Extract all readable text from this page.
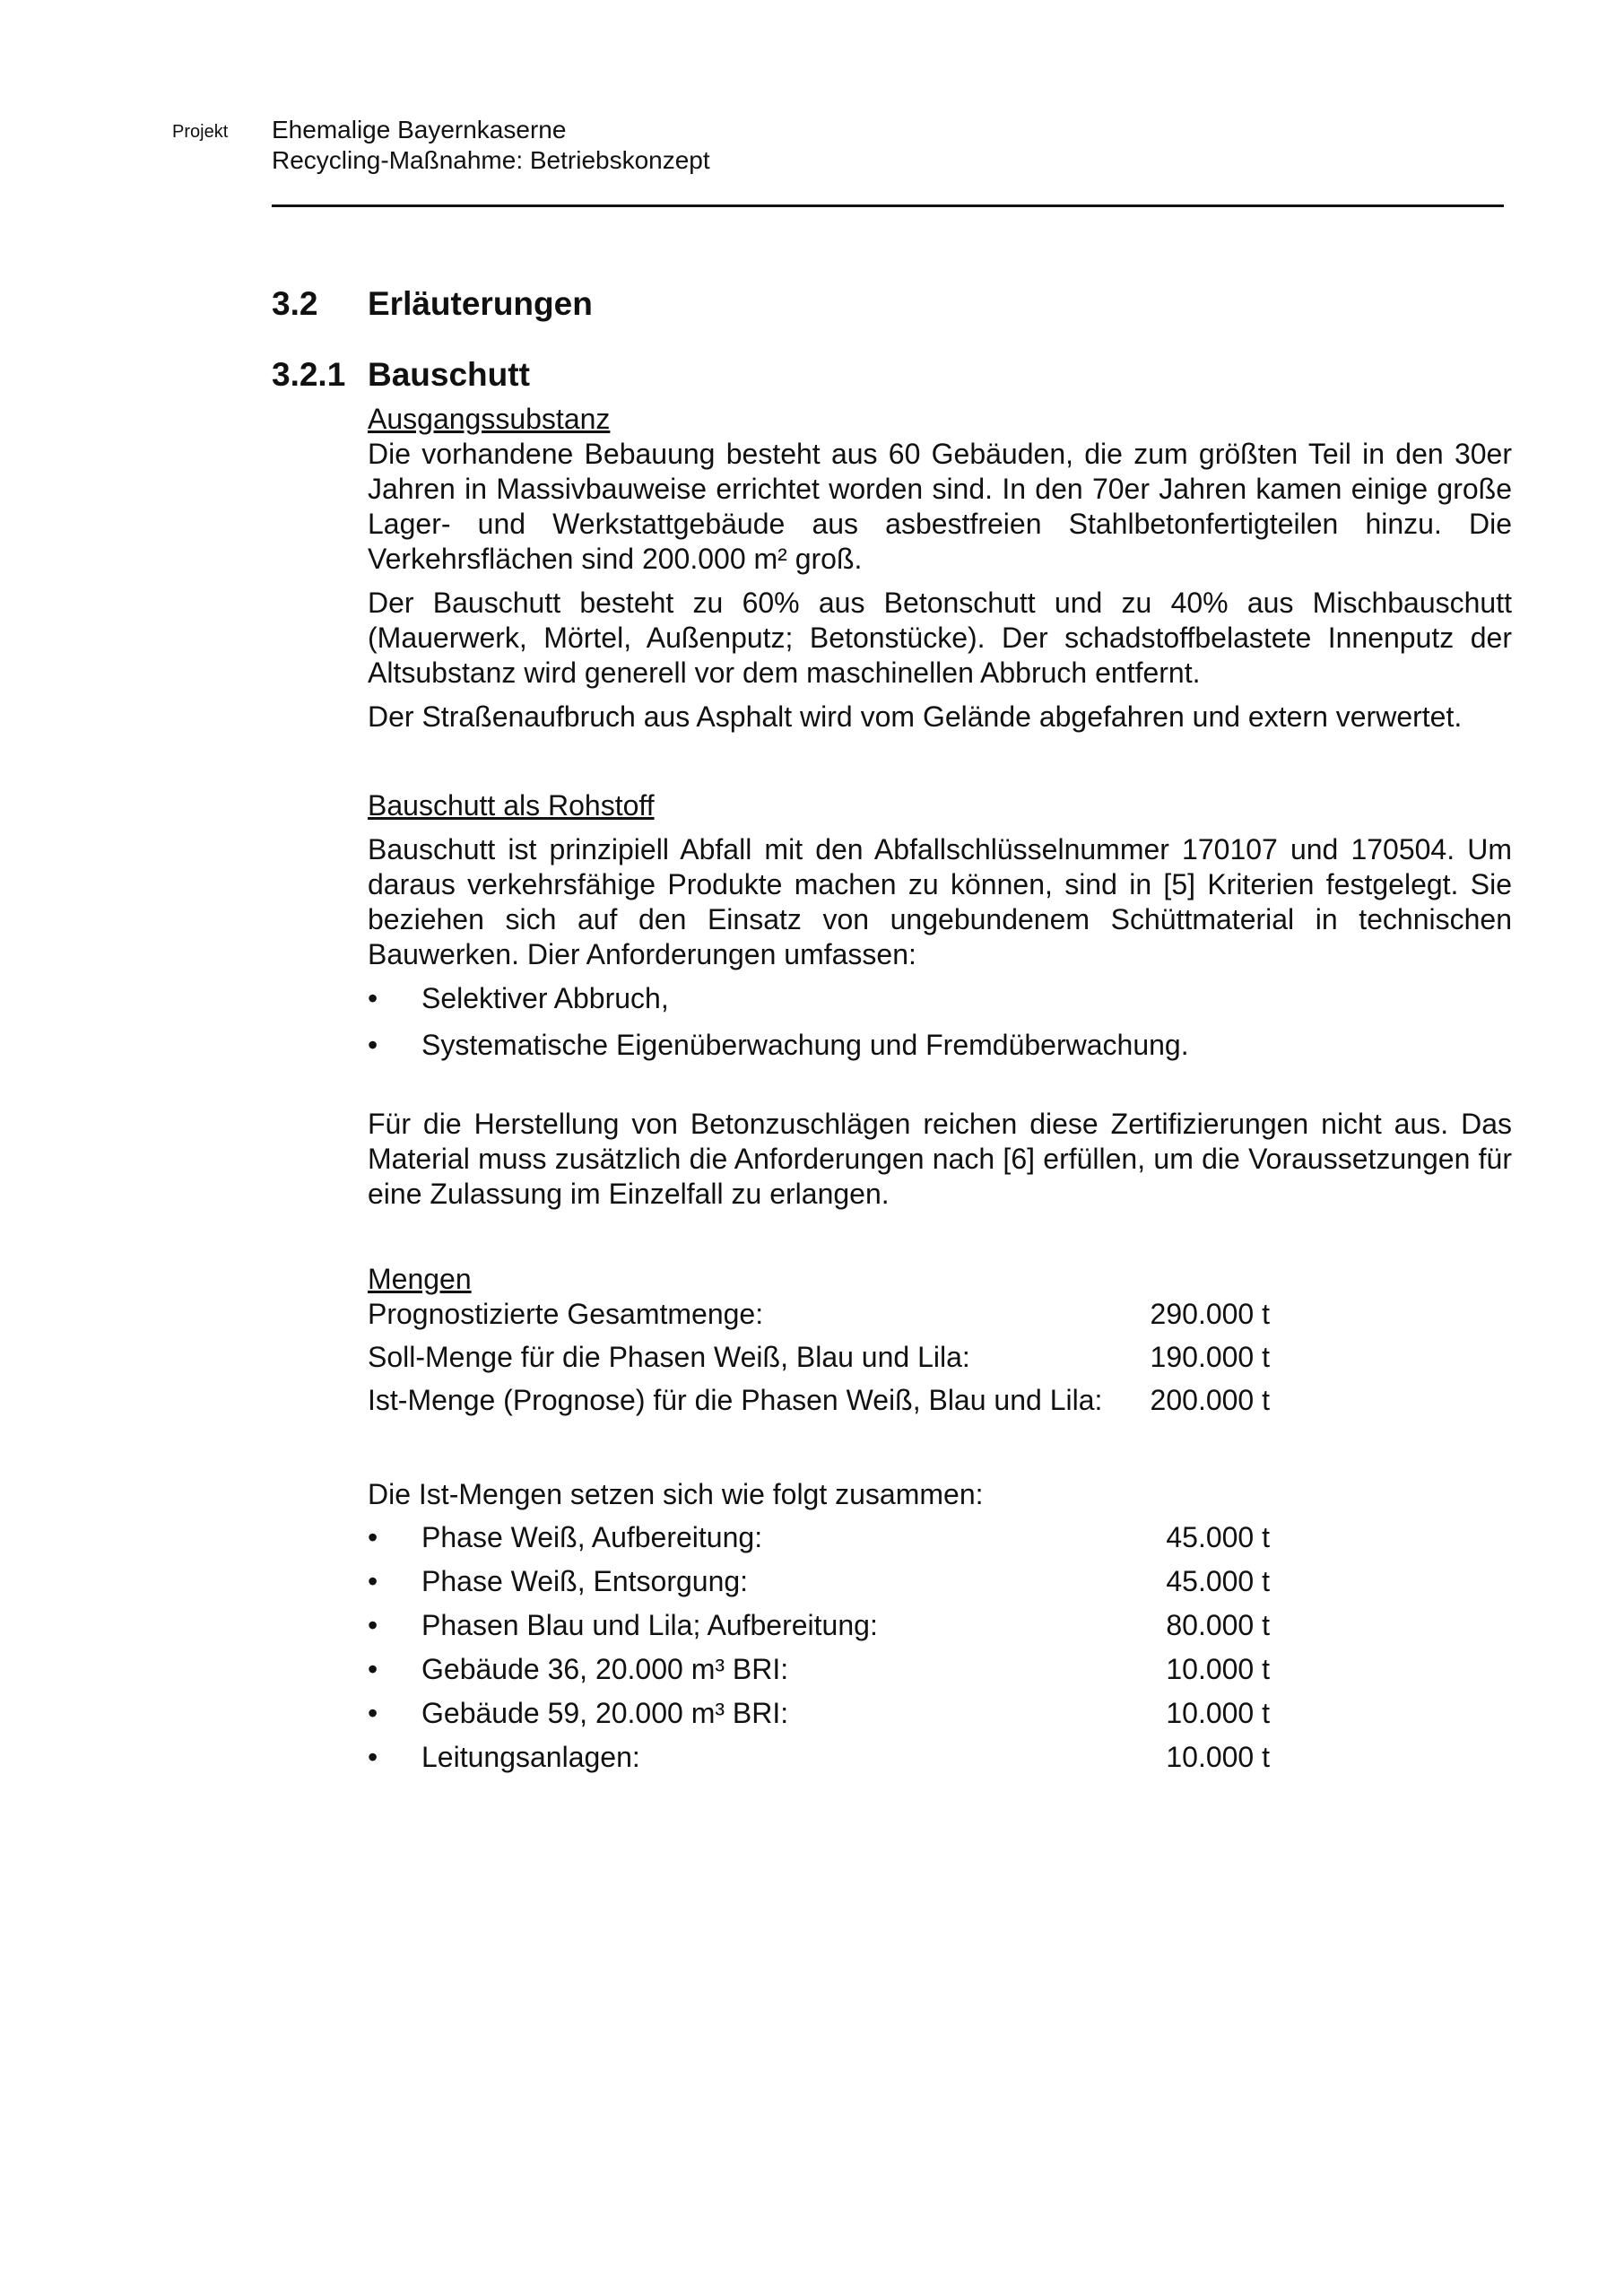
Projekt Ehemalige Bayernkaserne
Recycling-Maßnahme: Betriebskonzept
3.2 Erläuterungen
3.2.1 Bauschutt

Ausgangssubstanz

Die vorhandene Bebauung besteht aus 60 Gebäuden, die zum größten Teil in den 30er Jahren in Massivbauweise errichtet worden sind. In den 70er Jahren kamen einige große Lager- und Werkstattgebäude aus asbestfreien Stahlbetonfertigteilen hinzu. Die Verkehrsflächen sind 200.000 m² groß.

Der Bauschutt besteht zu 60% aus Betonschutt und zu 40% aus Mischbauschutt (Mauerwerk, Mörtel, Außenputz; Betonstücke). Der schadstoffbelastete Innenputz der Altsubstanz wird generell vor dem maschinellen Abbruch entfernt.

Der Straßenaufbruch aus Asphalt wird vom Gelände abgefahren und extern verwertet.

Bauschutt als Rohstoff

Bauschutt ist prinzipiell Abfall mit den Abfallschlüsselnummer 170107 und 170504. Um daraus verkehrsfähige Produkte machen zu können, sind in [5] Kriterien festgelegt. Sie beziehen sich auf den Einsatz von ungebundenem Schüttmaterial in technischen Bauwerken. Dier Anforderungen umfassen:

• Selektiver Abbruch,
• Systematische Eigenüberwachung und Fremdüberwachung.

Für die Herstellung von Betonzuschlägen reichen diese Zertifizierungen nicht aus. Das Material muss zusätzlich die Anforderungen nach [6] erfüllen, um die Voraussetzungen für eine Zulassung im Einzelfall zu erlangen.

Mengen

Prognostizierte Gesamtmenge:	290.000 t
Soll-Menge für die Phasen Weiß, Blau und Lila:	190.000 t
Ist-Menge (Prognose) für die Phasen Weiß, Blau und Lila: 200.000 t

Die Ist-Mengen setzen sich wie folgt zusammen:

• Phase Weiß, Aufbereitung:	45.000 t
• Phase Weiß, Entsorgung:	45.000 t
• Phasen Blau und Lila; Aufbereitung:	80.000 t
• Gebäude 36, 20.000 m³ BRI:	10.000 t
• Gebäude 59, 20.000 m³ BRI:	10.000 t
• Leitungsanlagen:	10.000 t
